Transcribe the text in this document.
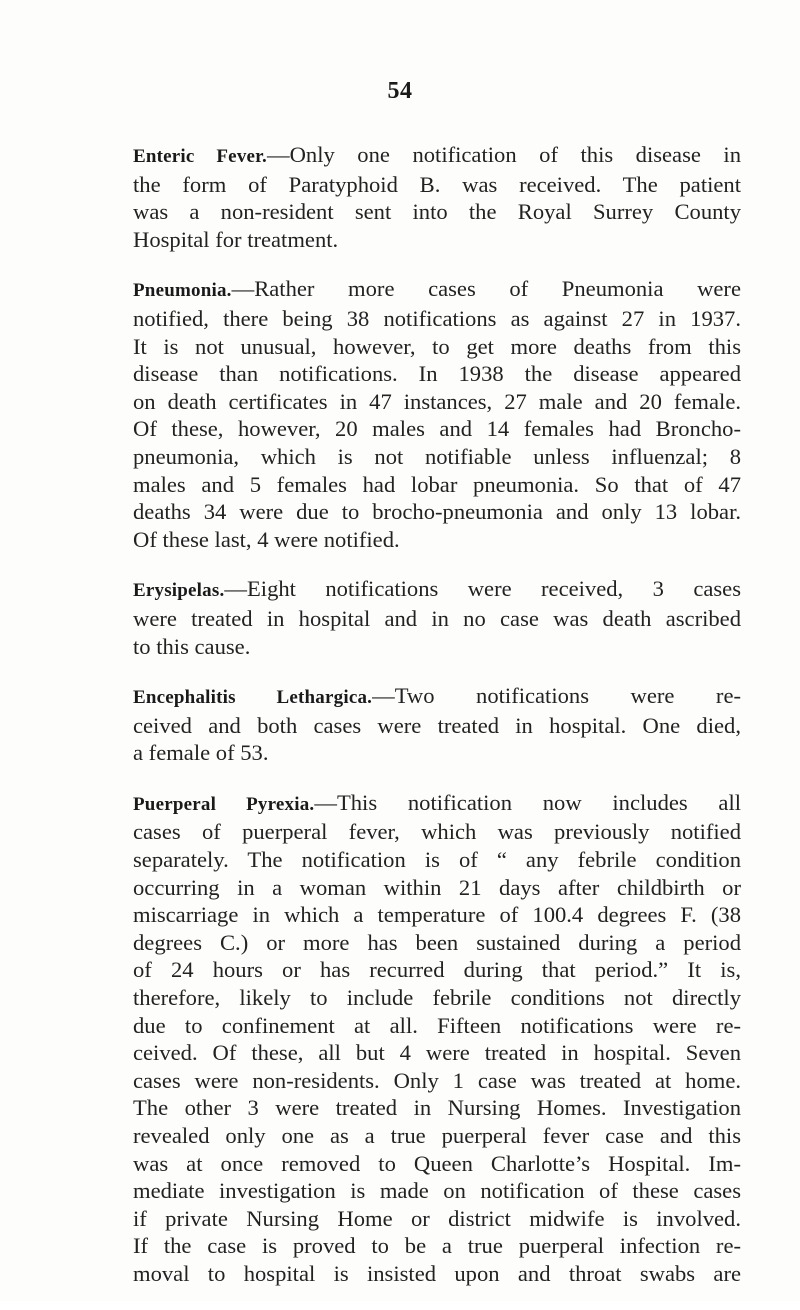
54
Enteric Fever.—Only one notification of this disease in
the form of Paratyphoid B. was received. The patient
was a non-resident sent into the Royal Surrey County
Hospital for treatment.
Pneumonia.—Rather more cases of Pneumonia were
notified, there being 38 notifications as against 27 in 1937.
It is not unusual, however, to get more deaths from this
disease than notifications. In 1938 the disease appeared
on death certificates in 47 instances, 27 male and 20 female.
Of these, however, 20 males and 14 females had Broncho-
pneumonia, which is not notifiable unless influenzal; 8
males and 5 females had lobar pneumonia. So that of 47
deaths 34 were due to brocho-pneumonia and only 13 lobar.
Of these last, 4 were notified.
Erysipelas.—Eight notifications were received, 3 cases
were treated in hospital and in no case was death ascribed
to this cause.
Encephalitis Lethargica.—Two notifications were re-
ceived and both cases were treated in hospital. One died,
a female of 53.
Puerperal Pyrexia.—This notification now includes all
cases of puerperal fever, which was previously notified
separately. The notification is of “ any febrile condition
occurring in a woman within 21 days after childbirth or
miscarriage in which a temperature of 100.4 degrees F. (38
degrees C.) or more has been sustained during a period
of 24 hours or has recurred during that period.” It is,
therefore, likely to include febrile conditions not directly
due to confinement at all. Fifteen notifications were re-
ceived. Of these, all but 4 were treated in hospital. Seven
cases were non-residents. Only 1 case was treated at home.
The other 3 were treated in Nursing Homes. Investigation
revealed only one as a true puerperal fever case and this
was at once removed to Queen Charlotte’s Hospital. Im-
mediate investigation is made on notification of these cases
if private Nursing Home or district midwife is involved.
If the case is proved to be a true puerperal infection re-
moval to hospital is insisted upon and throat swabs are
